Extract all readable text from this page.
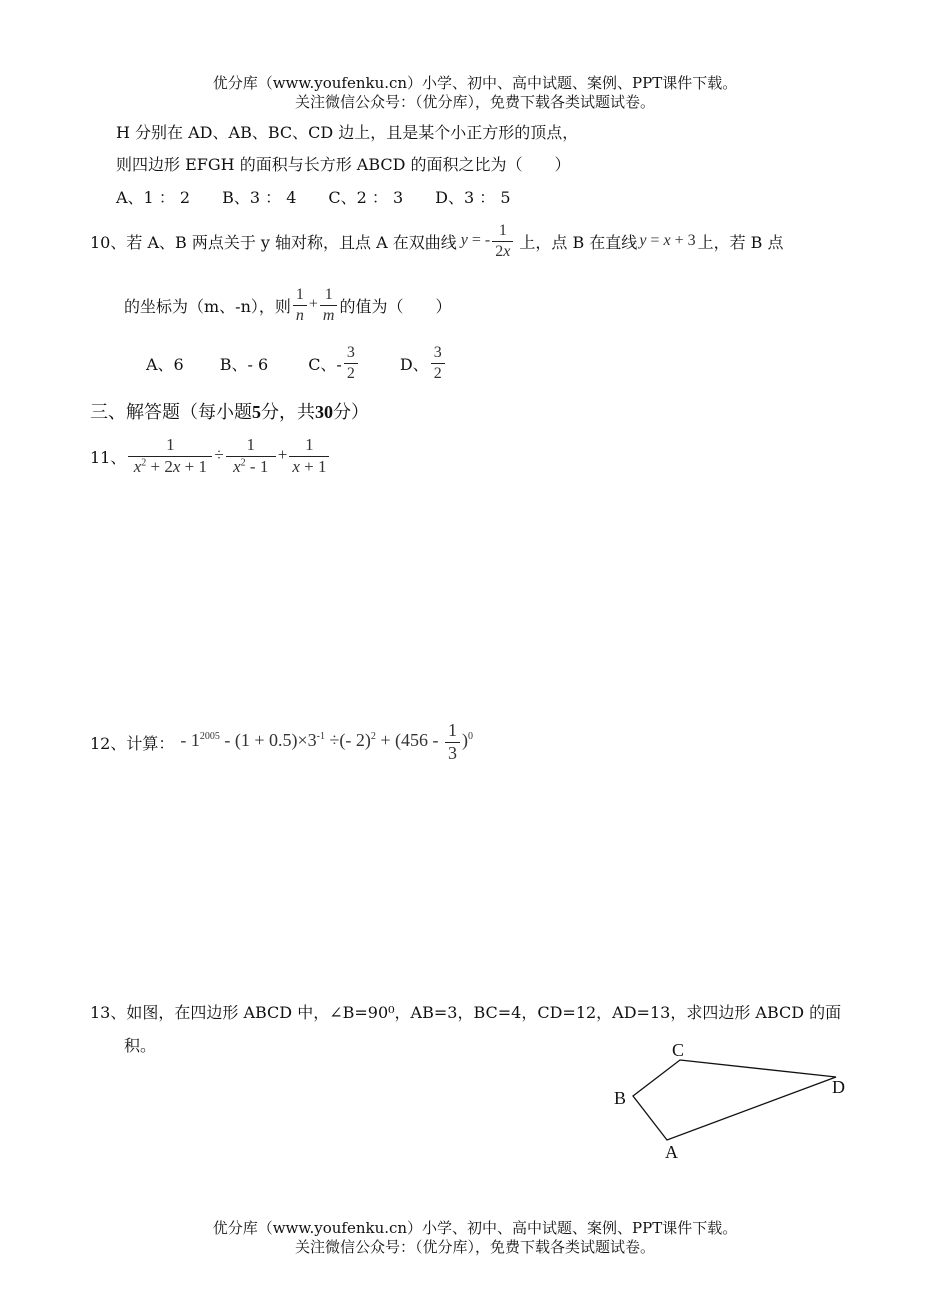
优分库（www.youfenku.cn）小学、初中、高中试题、案例、PPT课件下载。
关注微信公众号：（优分库），免费下载各类试题试卷。
H 分别在 AD、AB、BC、CD 边上，且是某个小正方形的顶点，
则四边形 EFGH 的面积与长方形 ABCD 的面积之比为（　　）
A、1 ： 2　　B、3 ： 4　　C、2 ： 3　　D、3 ： 5
10、若 A、B 两点关于 y 轴对称，且点 A 在双曲线 y = - $\frac{1}{2x}$ 上，点 B 在直线 y = x + 3 上，若 B 点
的坐标为（m、-n），则 $\frac{1}{n} + \frac{1}{m}$ 的值为（　　）
A、6 B、- 6	C、- $\frac{3}{2}$	D、 $\frac{3}{2}$
三、解答题（每小题5分，共30分）
11、 $\frac{1}{x^2 + 2x + 1} \div \frac{1}{x^2 - 1} + \frac{1}{x + 1}$
12、计算： - $1^{2005} - (1 + 0.5)\times 3^{-1}$ ÷(- $2)^2 + (456 - \frac{1}{3} )^0$
13、如图，在四边形 ABCD 中，∠B=90⁰，AB=3，BC=4，CD=12，AD=13，求四边形 ABCD 的面
积。	C
D
B
A
优分库（www.youfenku.cn）小学、初中、高中试题、案例、PPT课件下载。
关注微信公众号：（优分库），免费下载各类试题试卷。
